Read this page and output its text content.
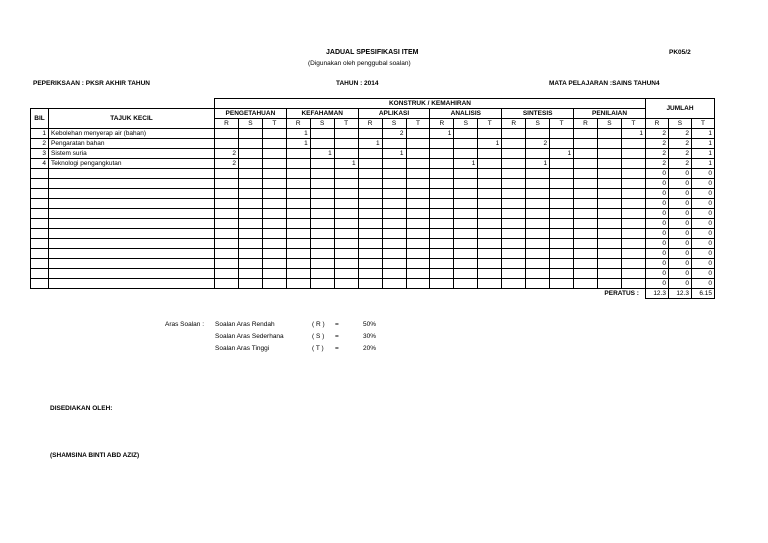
JADUAL SPESIFIKASI ITEM
(Digunakan oleh penggubal soalan)
PK05/2
PEPERIKSAAN : PKSR AKHIR TAHUN	TAHUN : 2014	MATA PELAJARAN :SAINS TAHUN4
		KONSTRUK / KEMAHIRAN																		JUMLAH		
BIL	TAJUK KECIL	PENGETAHUAN			KEFAHAMAN			APLIKASI			ANALISIS			SINTESIS			PENILAIAN					
		R	S	T	R	S	T	R	S	T	R	S	T	R	S	T	R	S	T	R	S	T
1	Kebolehan menyerap air (bahan)				1				2		1								1	2	2	1
2	Pengaratan bahan				1			1					1		2					2	2	1
3	Sistem suria	2				1			1							1				2	2	1
4	Teknologi pengangkutan	2					1					1			1					2	2	1
																				0	0	0
																				0	0	0
																				0	0	0
																				0	0	0
																				0	0	0
																				0	0	0
																				0	0	0
																				0	0	0
																				0	0	0
																				0	0	0
																				0	0	0
																				0	0	0
PERATUS :																				12.3	12.3	6.15
Aras Soalan : Soalan Aras Rendah	( R ) =	50%
Soalan Aras Sederhana	( S ) =	30%
Soalan Aras Tinggi	( T ) =	20%
DISEDIAKAN OLEH:
(SHAMSINA BINTI ABD AZIZ)
